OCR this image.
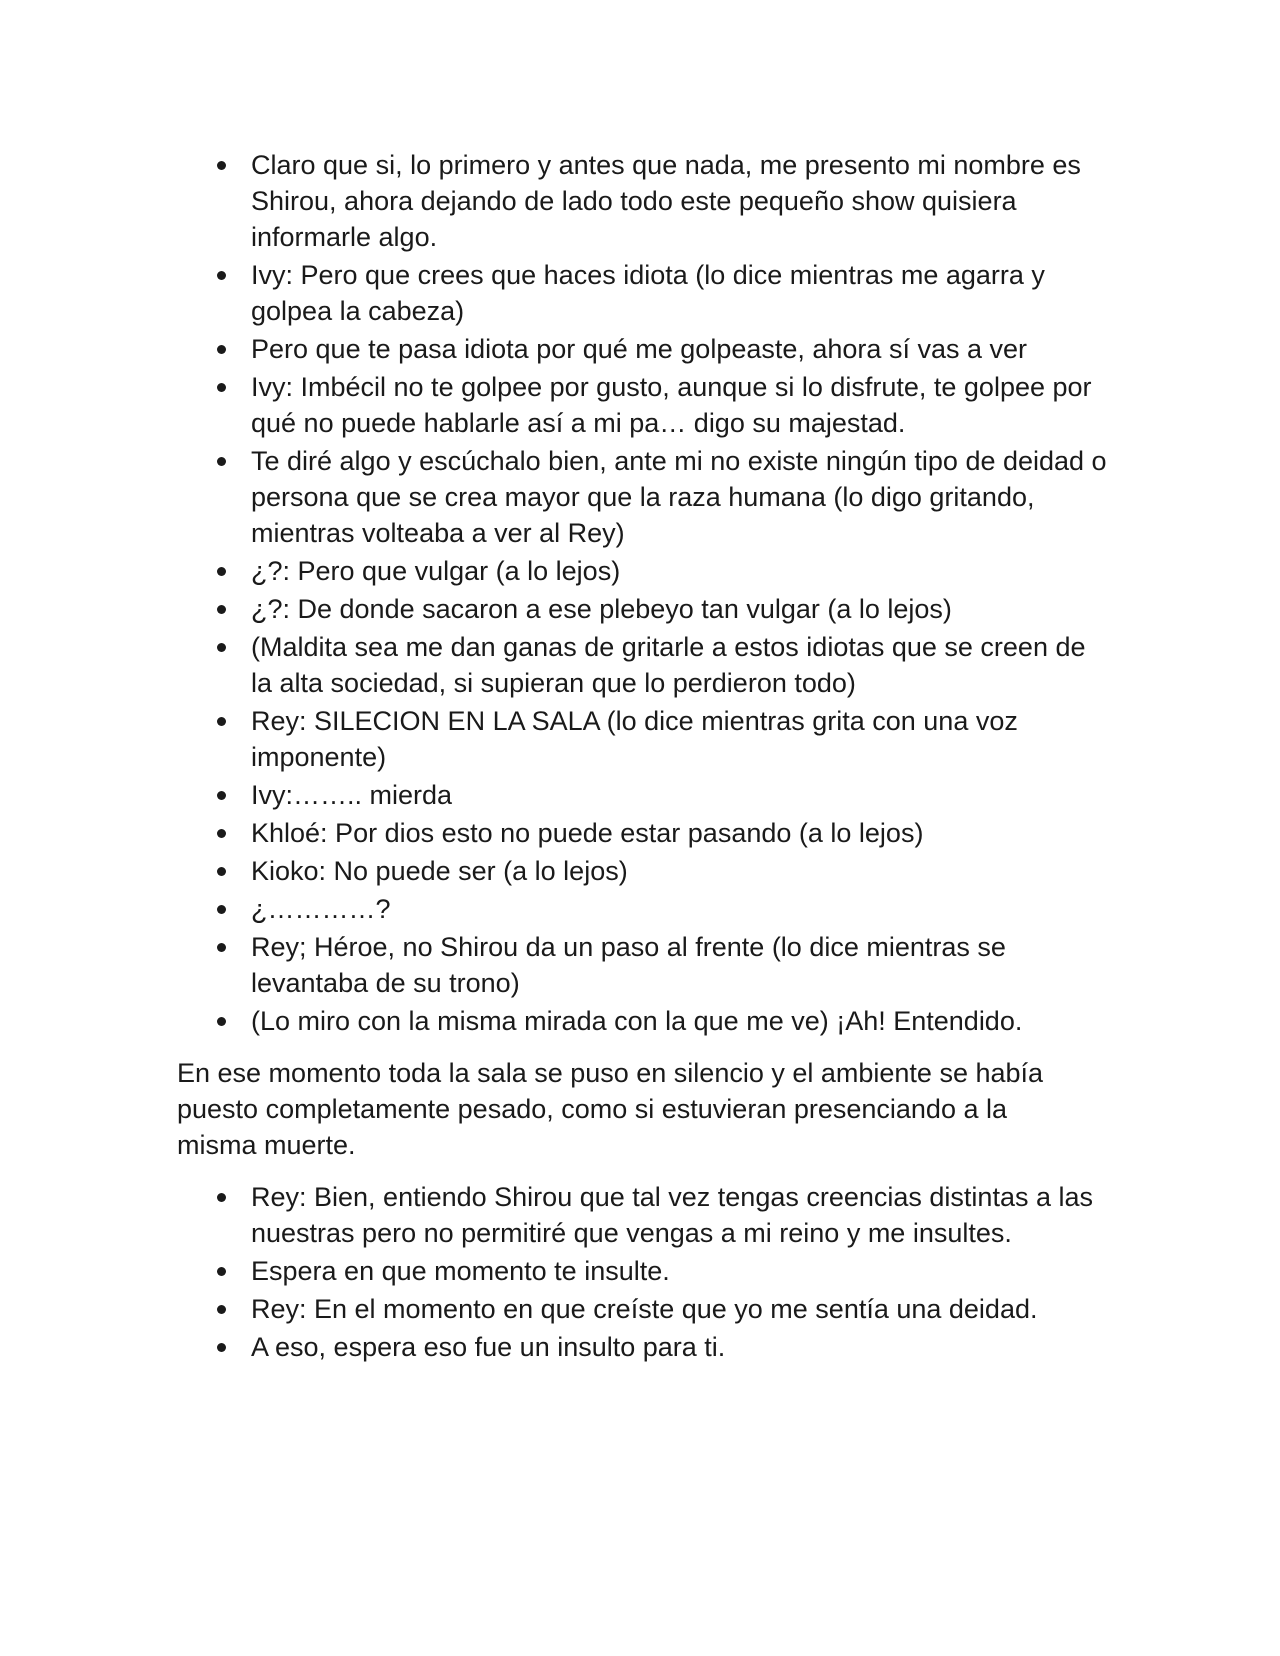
Claro que si, lo primero y antes que nada, me presento mi nombre es Shirou, ahora dejando de lado todo este pequeño show quisiera informarle algo.
Ivy: Pero que crees que haces idiota (lo dice mientras me agarra y golpea la cabeza)
Pero que te pasa idiota por qué me golpeaste, ahora sí vas a ver
Ivy: Imbécil no te golpee por gusto, aunque si lo disfrute, te golpee por qué no puede hablarle así a mi pa… digo su majestad.
Te diré algo y escúchalo bien, ante mi no existe ningún tipo de deidad o persona que se crea mayor que la raza humana (lo digo gritando, mientras volteaba a ver al Rey)
¿?: Pero que vulgar (a lo lejos)
¿?: De donde sacaron a ese plebeyo tan vulgar (a lo lejos)
(Maldita sea me dan ganas de gritarle a estos idiotas que se creen de la alta sociedad, si supieran que lo perdieron todo)
Rey: SILECION EN LA SALA (lo dice mientras grita con una voz imponente)
Ivy:…….. mierda
Khloé: Por dios esto no puede estar pasando (a lo lejos)
Kioko: No puede ser (a lo lejos)
¿…………?
Rey; Héroe, no Shirou da un paso al frente (lo dice mientras se levantaba de su trono)
(Lo miro con la misma mirada con la que me ve) ¡Ah! Entendido.

En ese momento toda la sala se puso en silencio y el ambiente se había puesto completamente pesado, como si estuvieran presenciando a la misma muerte.

Rey: Bien, entiendo Shirou que tal vez tengas creencias distintas a las nuestras pero no permitiré que vengas a mi reino y me insultes.
Espera en que momento te insulte.
Rey: En el momento en que creíste que yo me sentía una deidad.
A eso, espera eso fue un insulto para ti.
